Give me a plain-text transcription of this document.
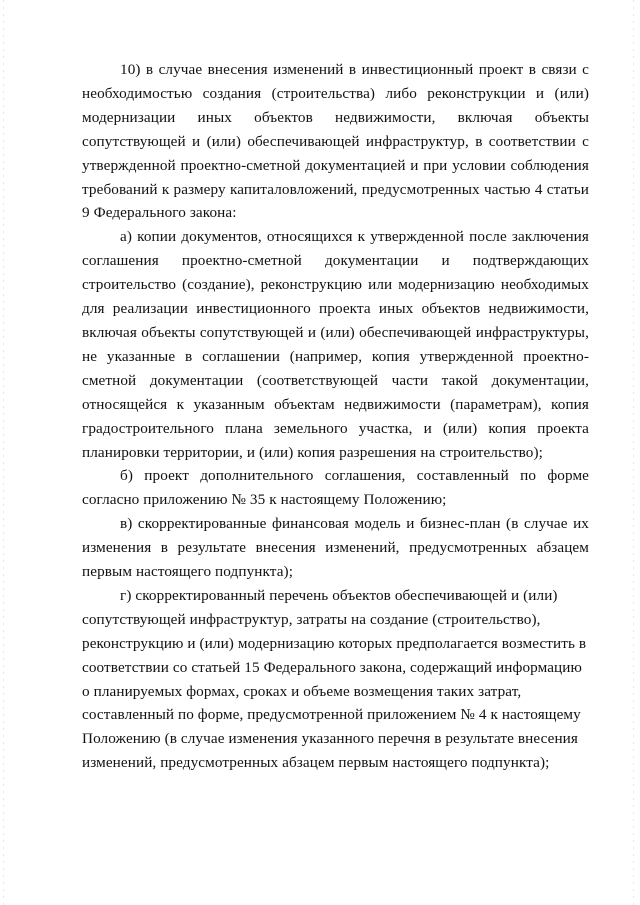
10) в случае внесения изменений в инвестиционный проект в связи с необходимостью создания (строительства) либо реконструкции и (или) модернизации иных объектов недвижимости, включая объекты сопутствующей и (или) обеспечивающей инфраструктур, в соответствии с утвержденной проектно-сметной документацией и при условии соблюдения требований к размеру капиталовложений, предусмотренных частью 4 статьи 9 Федерального закона:

а) копии документов, относящихся к утвержденной после заключения соглашения проектно-сметной документации и подтверждающих строительство (создание), реконструкцию или модернизацию необходимых для реализации инвестиционного проекта иных объектов недвижимости, включая объекты сопутствующей и (или) обеспечивающей инфраструктуры, не указанные в соглашении (например, копия утвержденной проектно-сметной документации (соответствующей части такой документации, относящейся к указанным объектам недвижимости (параметрам), копия градостроительного плана земельного участка, и (или) копия проекта планировки территории, и (или) копия разрешения на строительство);

б) проект дополнительного соглашения, составленный по форме согласно приложению № 35 к настоящему Положению;

в) скорректированные финансовая модель и бизнес-план (в случае их изменения в результате внесения изменений, предусмотренных абзацем первым настоящего подпункта);

г) скорректированный перечень объектов обеспечивающей и (или) сопутствующей инфраструктур, затраты на создание (строительство), реконструкцию и (или) модернизацию которых предполагается возместить в соответствии со статьей 15 Федерального закона, содержащий информацию о планируемых формах, сроках и объеме возмещения таких затрат, составленный по форме, предусмотренной приложением № 4 к настоящему Положению (в случае изменения указанного перечня в результате внесения изменений, предусмотренных абзацем первым настоящего подпункта);
